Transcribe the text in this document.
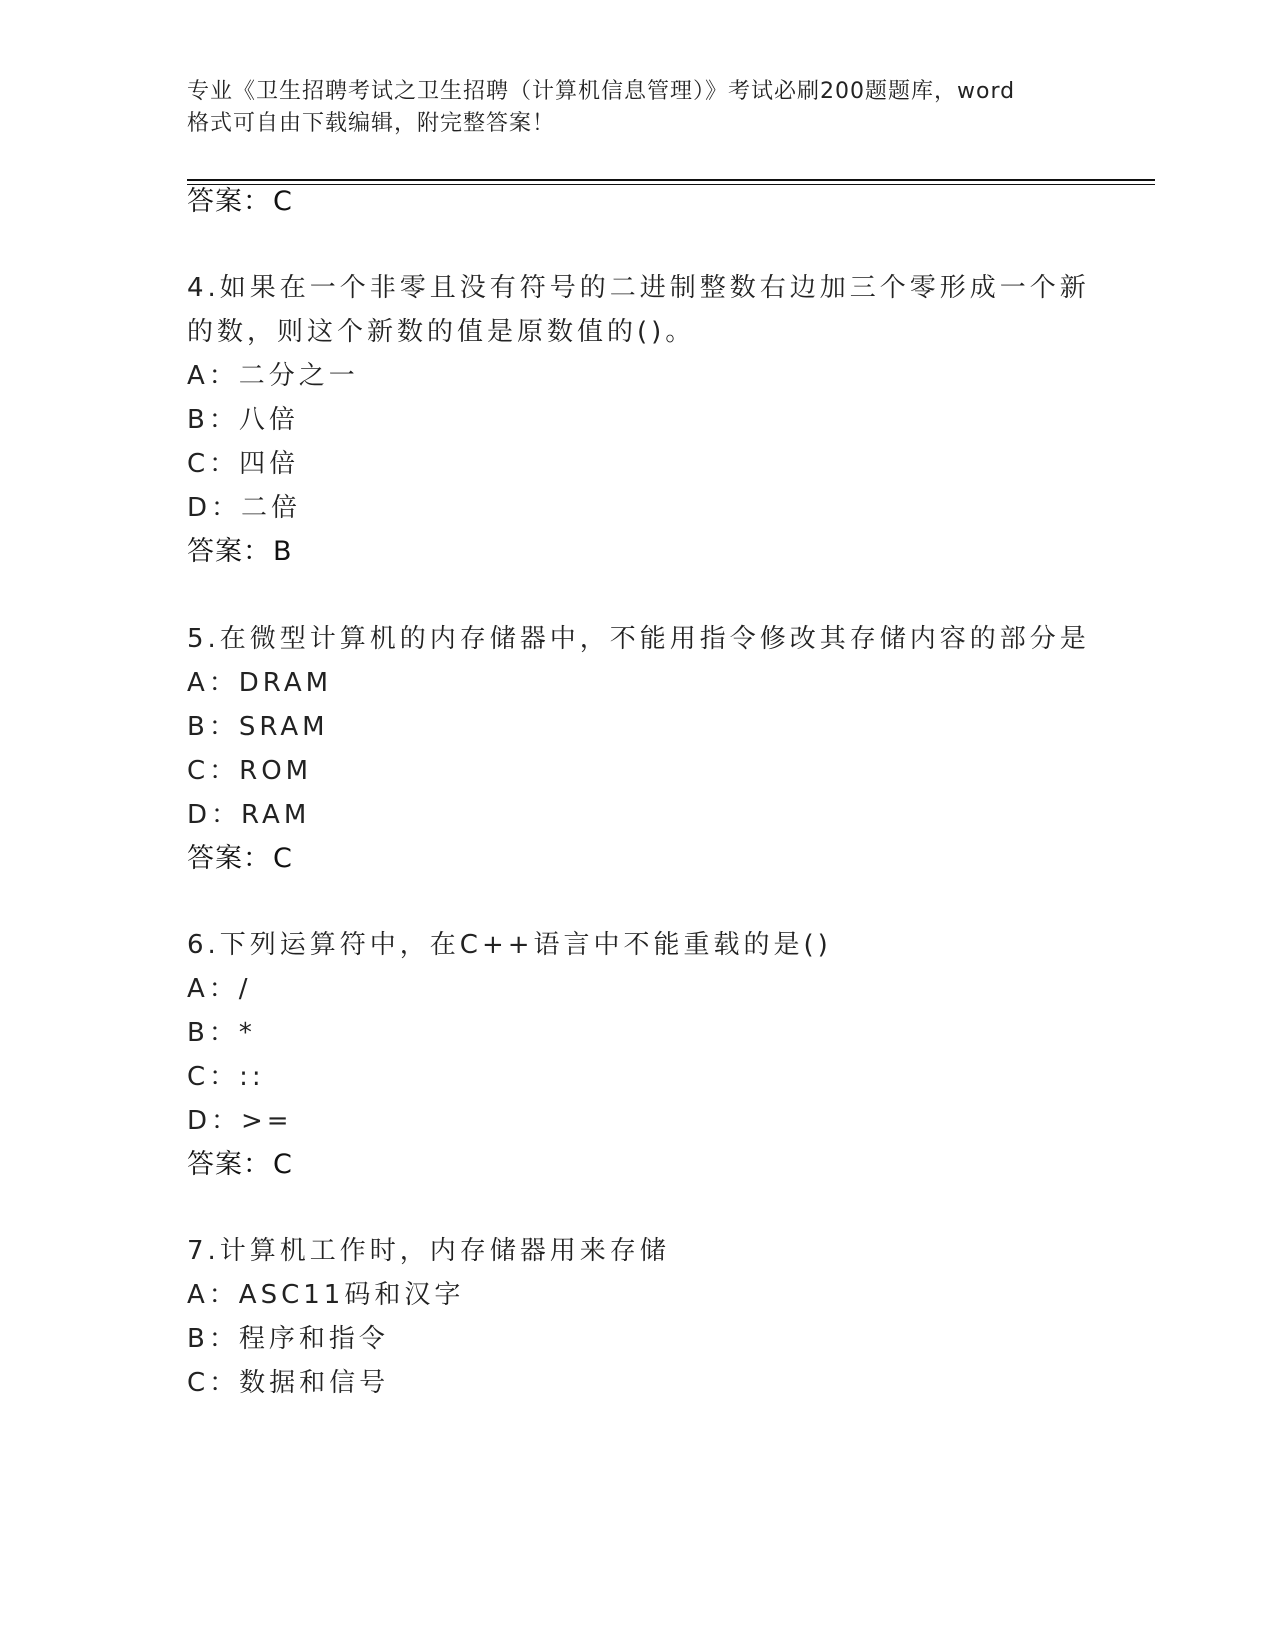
专业《卫生招聘考试之卫生招聘（计算机信息管理）》考试必刷200题题库，word
格式可自由下载编辑，附完整答案！
答案：C
4.如果在一个非零且没有符号的二进制整数右边加三个零形成一个新
的数，则这个新数的值是原数值的()。
A：二分之一
B：八倍
C：四倍
D：二倍
答案：B
5.在微型计算机的内存储器中，不能用指令修改其存储内容的部分是
A：DRAM
B：SRAM
C：ROM
D：RAM
答案：C
6.下列运算符中，在C++语言中不能重载的是()
A：/
B：*
C：::
D：>=
答案：C
7.计算机工作时，内存储器用来存储
A：ASC11码和汉字
B：程序和指令
C：数据和信号
